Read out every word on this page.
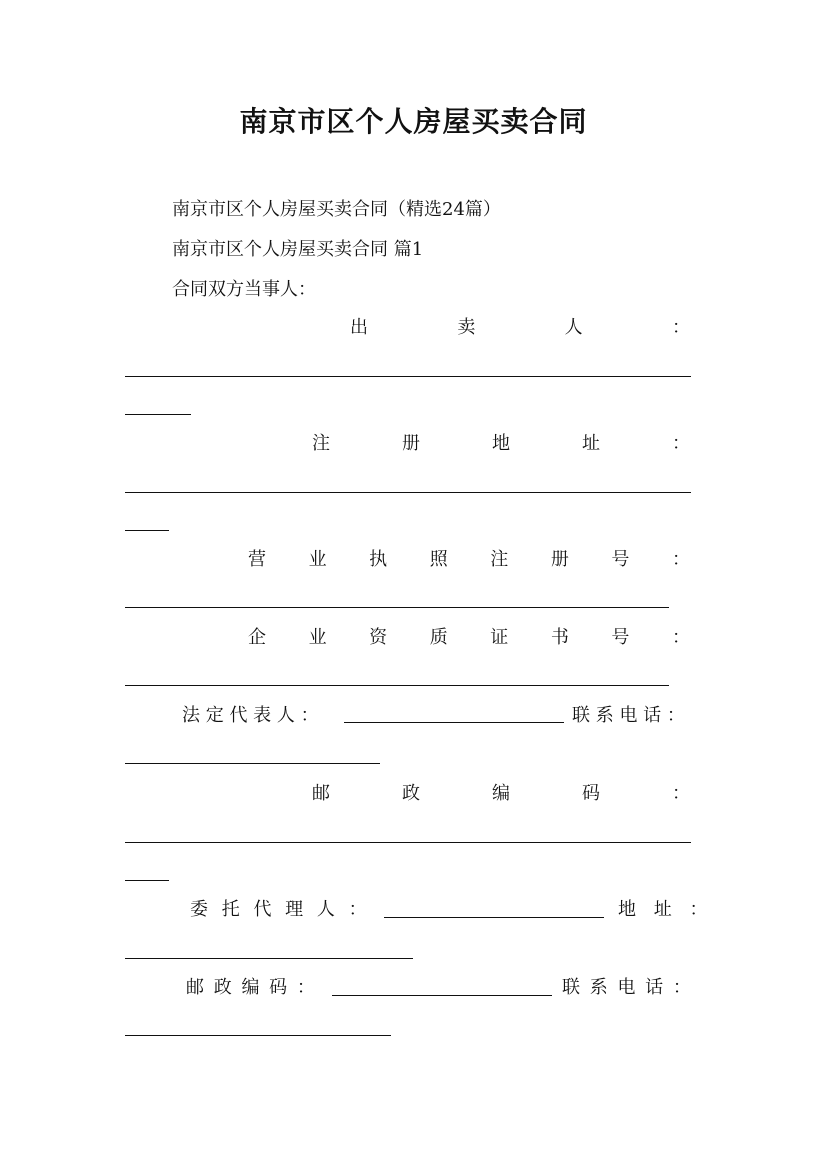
南京市区个人房屋买卖合同
南京市区个人房屋买卖合同（精选24篇）
南京市区个人房屋买卖合同 篇1
合同双方当事人：
出	卖	人	：
注	册	地	址	：
营 业 执 照 注 册 号 ：
企 业 资 质 证 书 号 ：
法 定 代 表 人 ：	联 系 电 话 ：
邮	政	编	码	：
委 托 代 理 人 ：	地 址 ：
邮 政 编 码 ：	联 系 电 话 ：
